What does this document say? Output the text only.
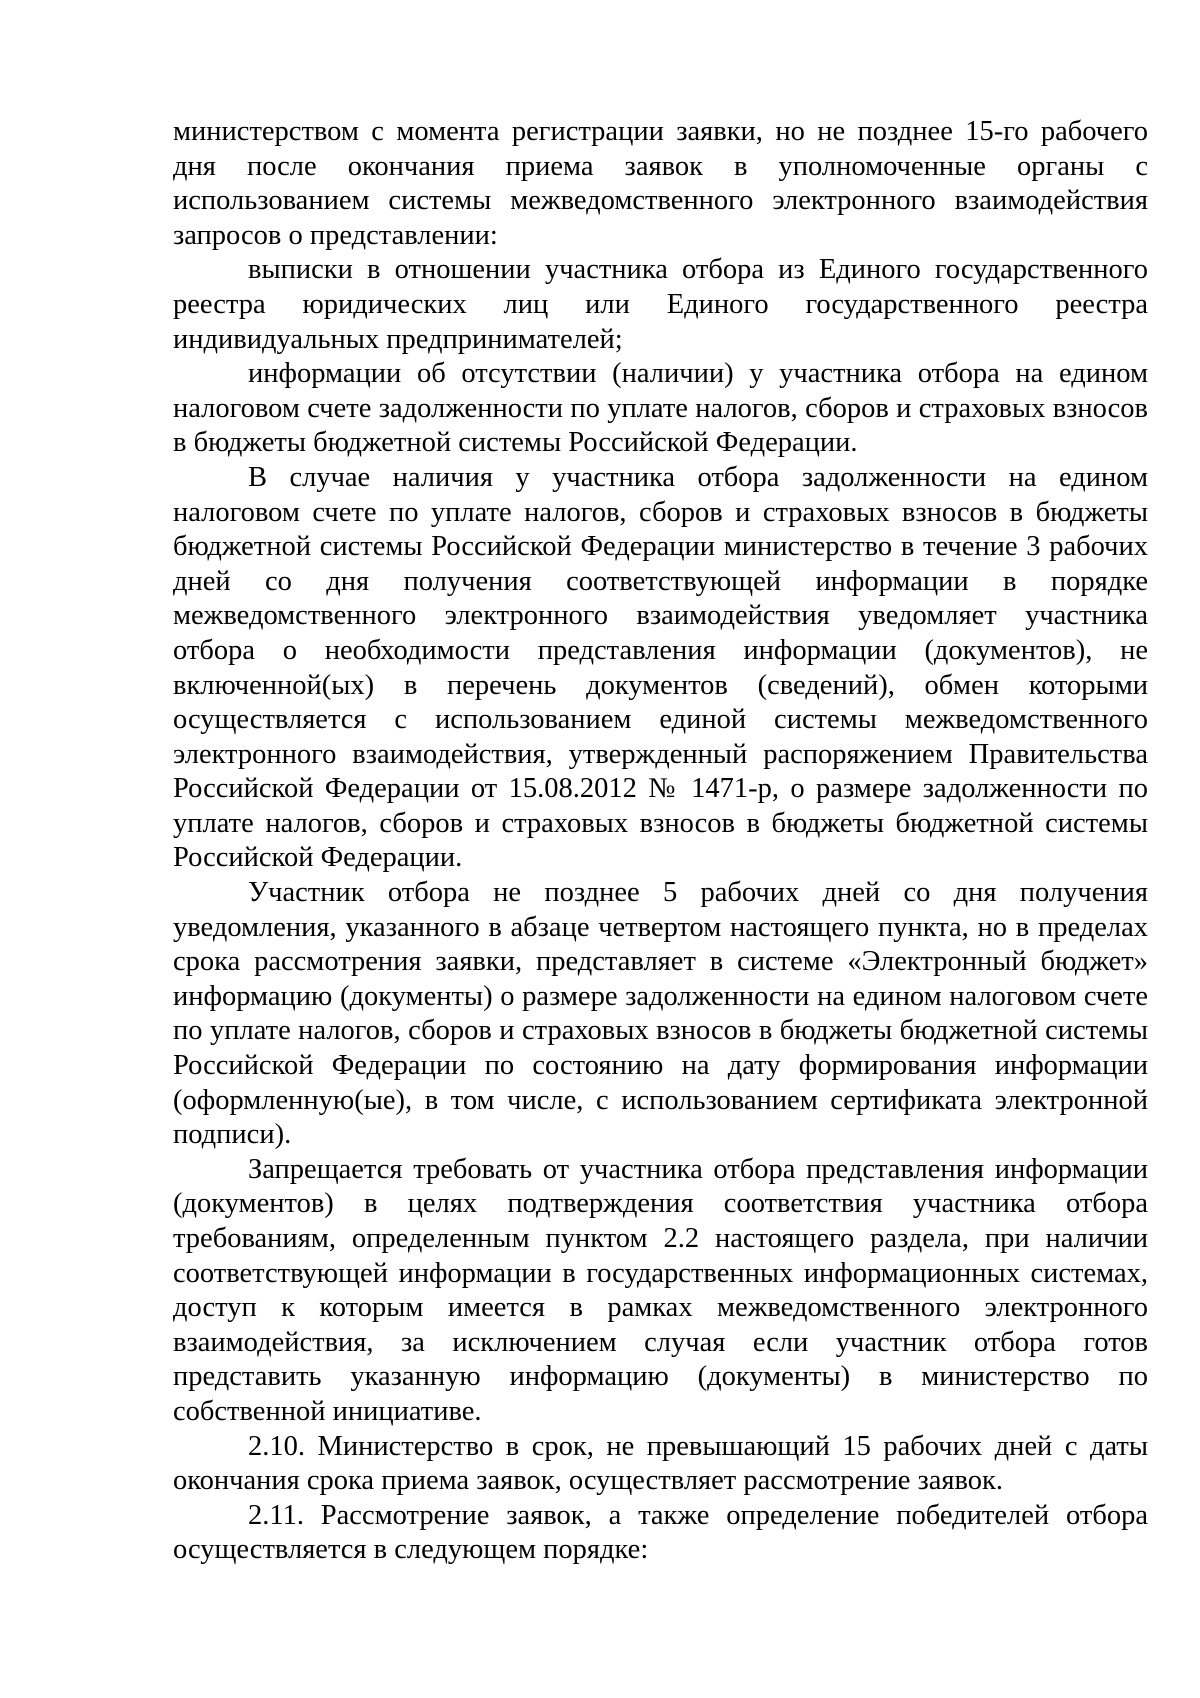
министерством с момента регистрации заявки, но не позднее 15-го рабочего дня после окончания приема заявок в уполномоченные органы с использованием системы межведомственного электронного взаимодействия запросов о представлении:

выписки в отношении участника отбора из Единого государственного реестра юридических лиц или Единого государственного реестра индивидуальных предпринимателей;

информации об отсутствии (наличии) у участника отбора на едином налоговом счете задолженности по уплате налогов, сборов и страховых взносов в бюджеты бюджетной системы Российской Федерации.

В случае наличия у участника отбора задолженности на едином налоговом счете по уплате налогов, сборов и страховых взносов в бюджеты бюджетной системы Российской Федерации министерство в течение 3 рабочих дней со дня получения соответствующей информации в порядке межведомственного электронного взаимодействия уведомляет участника отбора о необходимости представления информации (документов), не включенной(ых) в перечень документов (сведений), обмен которыми осуществляется с использованием единой системы межведомственного электронного взаимодействия, утвержденный распоряжением Правительства Российской Федерации от 15.08.2012 № 1471-р, о размере задолженности по уплате налогов, сборов и страховых взносов в бюджеты бюджетной системы Российской Федерации.

Участник отбора не позднее 5 рабочих дней со дня получения уведомления, указанного в абзаце четвертом настоящего пункта, но в пределах срока рассмотрения заявки, представляет в системе «Электронный бюджет» информацию (документы) о размере задолженности на едином налоговом счете по уплате налогов, сборов и страховых взносов в бюджеты бюджетной системы Российской Федерации по состоянию на дату формирования информации (оформленную(ые), в том числе, с использованием сертификата электронной подписи).

Запрещается требовать от участника отбора представления информации (документов) в целях подтверждения соответствия участника отбора требованиям, определенным пунктом 2.2 настоящего раздела, при наличии соответствующей информации в государственных информационных системах, доступ к которым имеется в рамках межведомственного электронного взаимодействия, за исключением случая если участник отбора готов представить указанную информацию (документы) в министерство по собственной инициативе.

2.10. Министерство в срок, не превышающий 15 рабочих дней с даты окончания срока приема заявок, осуществляет рассмотрение заявок.

2.11. Рассмотрение заявок, а также определение победителей отбора осуществляется в следующем порядке:
